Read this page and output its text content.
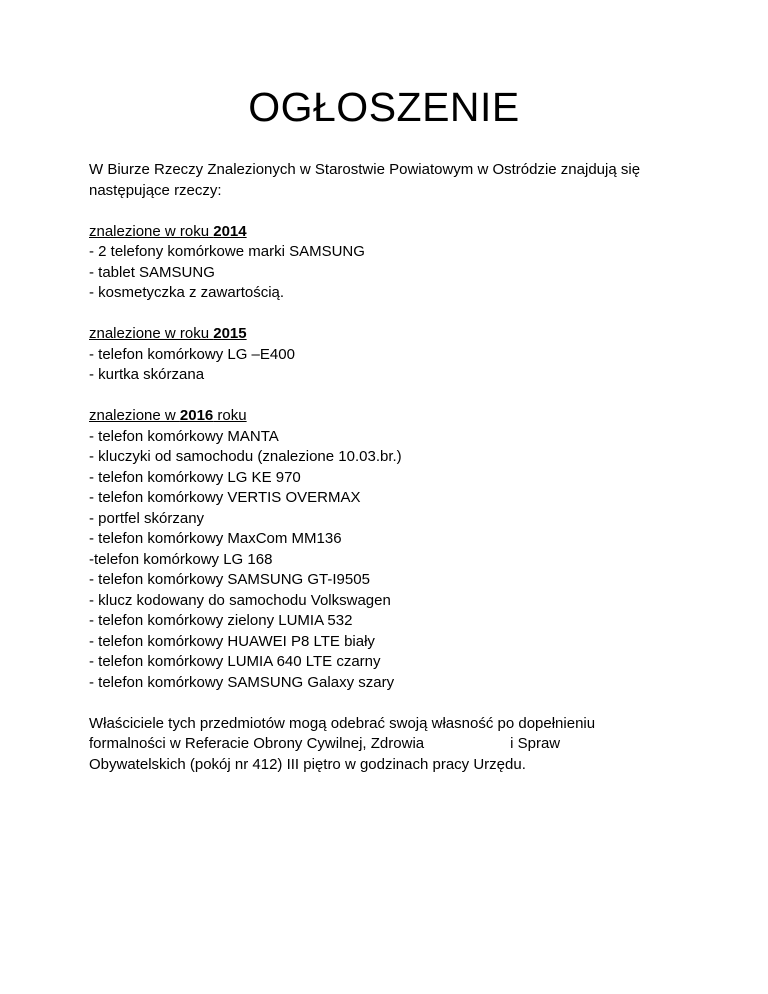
OGŁOSZENIE

W Biurze Rzeczy Znalezionych w Starostwie Powiatowym w Ostródzie znajdują się następujące rzeczy:

znalezione w roku 2014
- 2 telefony komórkowe marki SAMSUNG
- tablet SAMSUNG
- kosmetyczka z zawartością.
znalezione w roku 2015
- telefon komórkowy LG –E400
- kurtka skórzana
znalezione w 2016 roku
- telefon komórkowy MANTA
- kluczyki od samochodu (znalezione 10.03.br.)
- telefon komórkowy LG KE 970
- telefon komórkowy VERTIS OVERMAX
- portfel skórzany
- telefon komórkowy MaxCom MM136
-telefon komórkowy LG 168
- telefon komórkowy SAMSUNG GT-I9505
- klucz kodowany do samochodu Volkswagen
- telefon komórkowy zielony LUMIA 532
- telefon komórkowy HUAWEI P8 LTE biały
- telefon komórkowy LUMIA 640 LTE czarny
- telefon komórkowy SAMSUNG Galaxy szary
Właściciele tych przedmiotów mogą odebrać swoją własność po dopełnieniu
formalności w Referacie Obrony Cywilnej, Zdrowia	i Spraw
Obywatelskich (pokój nr 412) III piętro w godzinach pracy Urzędu.
